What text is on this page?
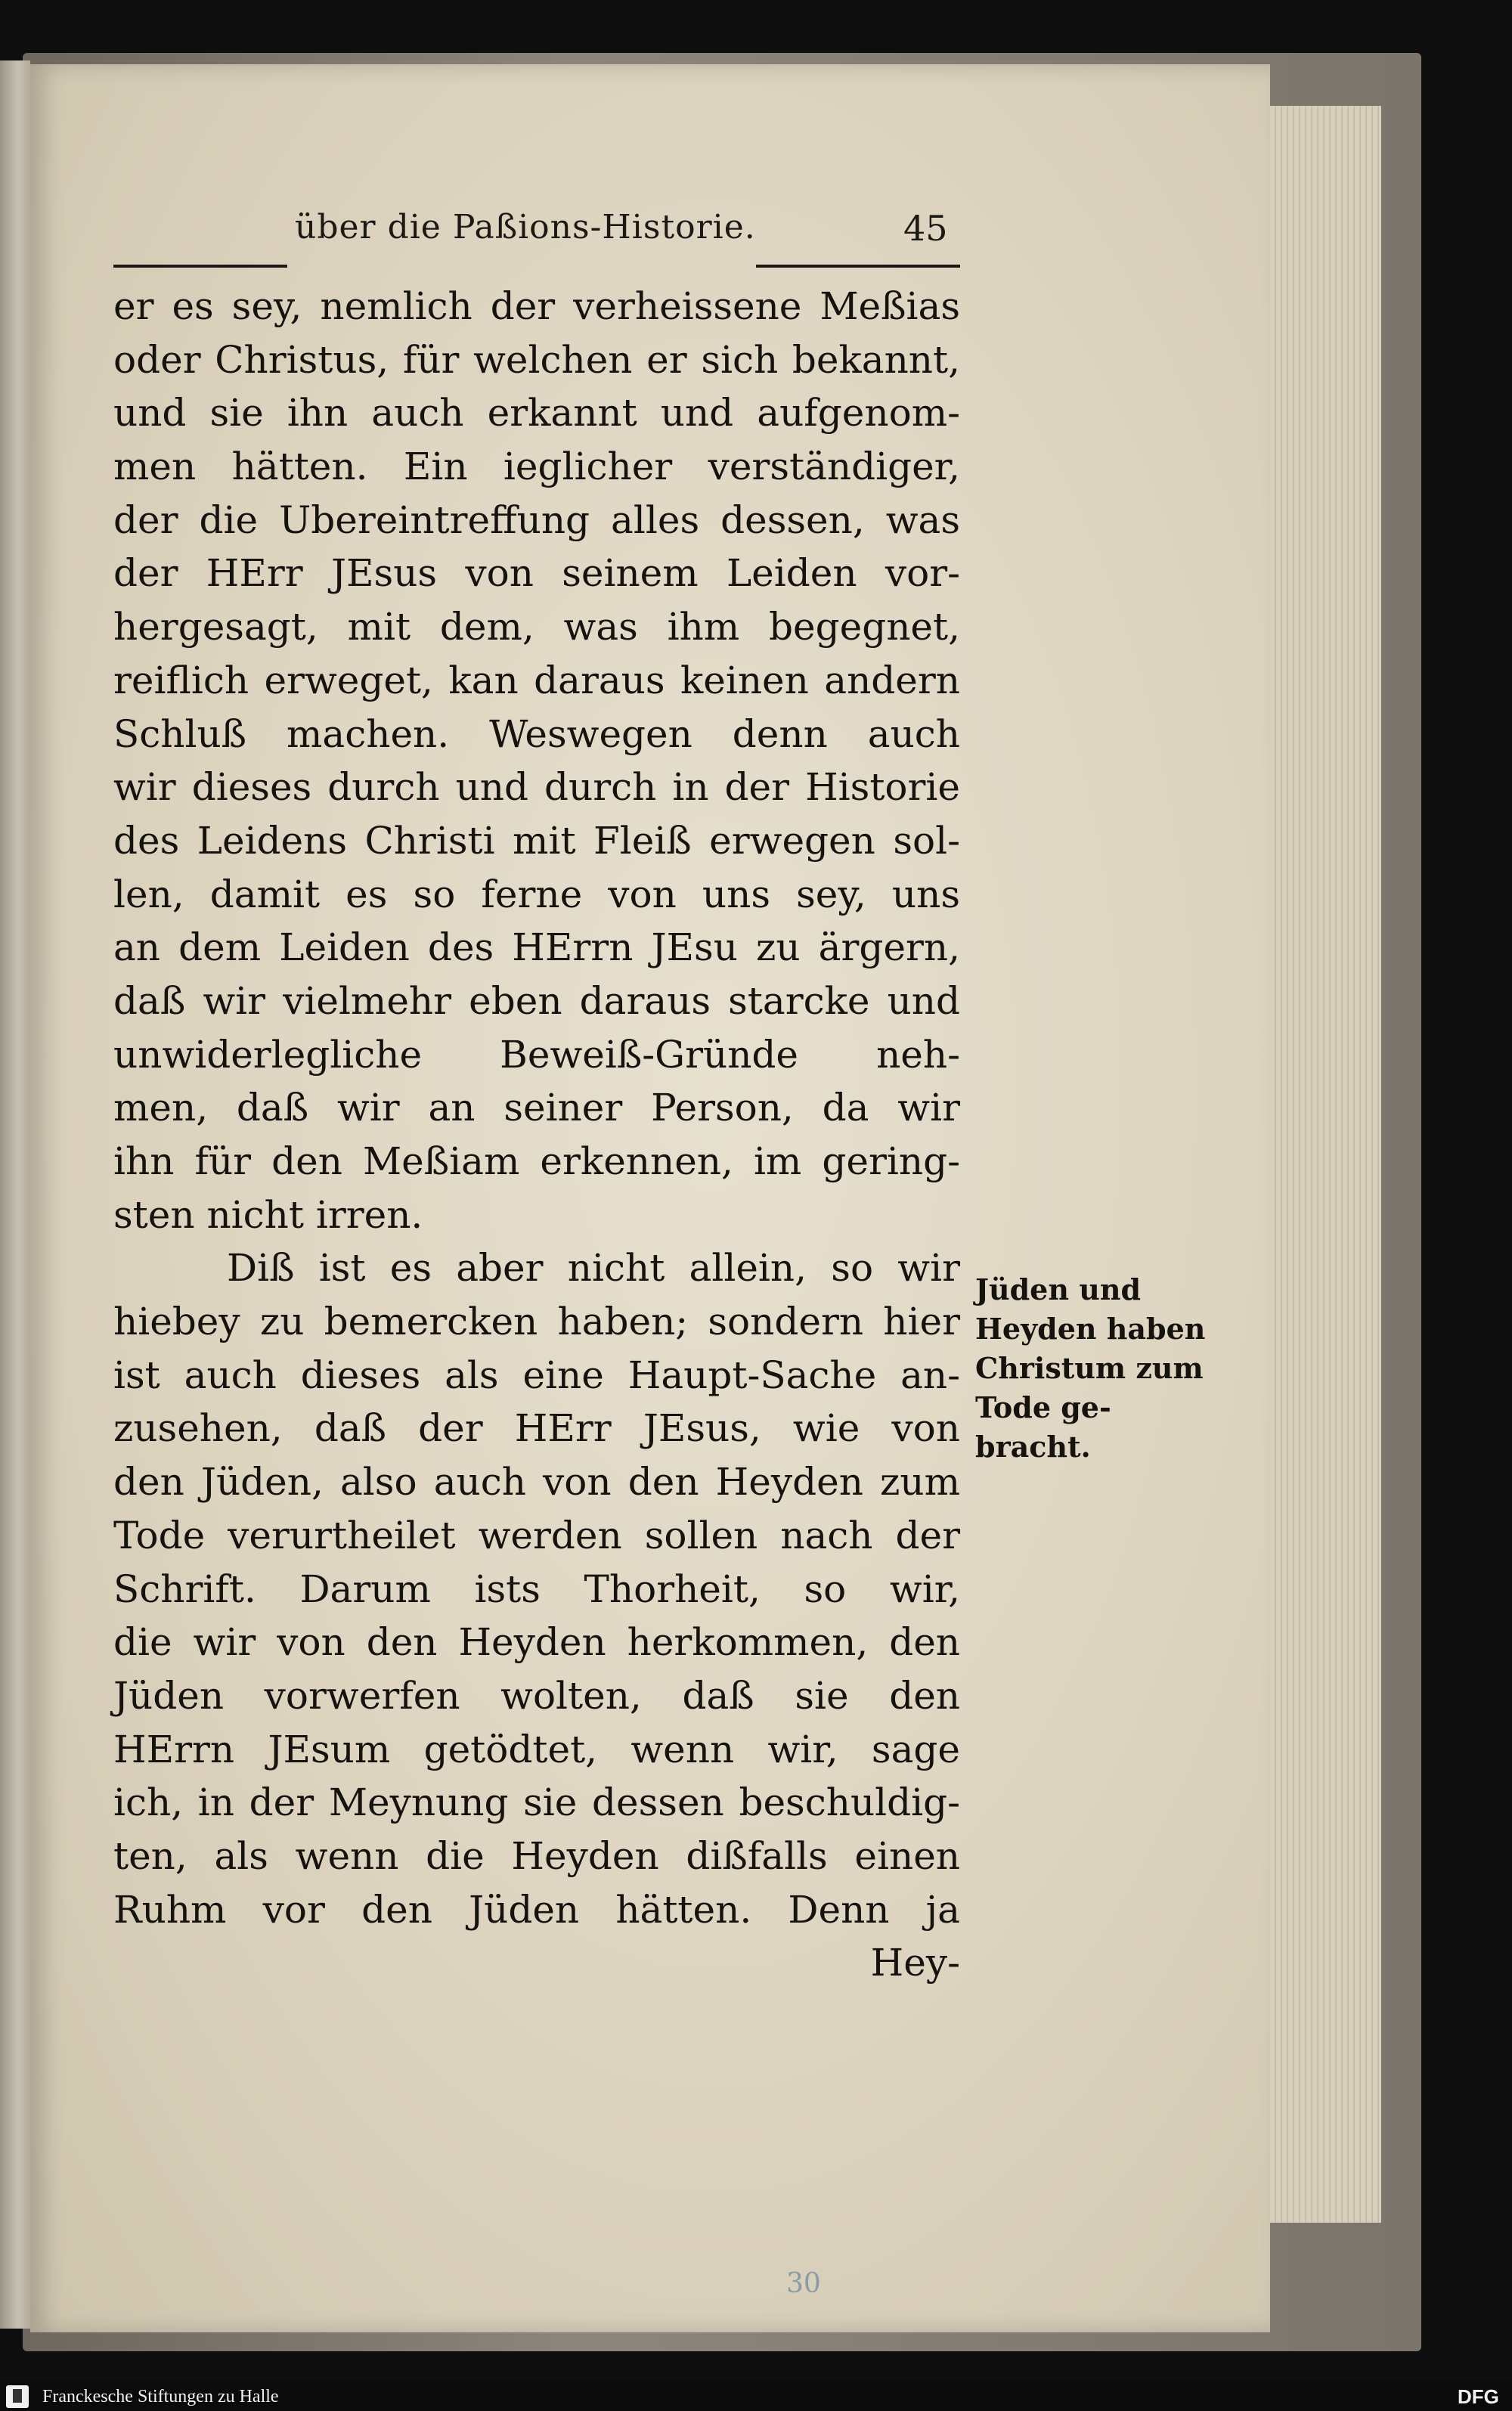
über die Paßions-Historie.	45
er es sey, nemlich der verheissene Meßias
oder Christus, für welchen er sich bekannt,
und sie ihn auch erkannt und aufgenom-
men hätten. Ein ieglicher verständiger,
der die Ubereintreffung alles dessen, was
der HErr JEsus von seinem Leiden vor-
hergesagt, mit dem, was ihm begegnet,
reiflich erweget, kan daraus keinen andern
Schluß machen. Weswegen denn auch
wir dieses durch und durch in der Historie
des Leidens Christi mit Fleiß erwegen sol-
len, damit es so ferne von uns sey, uns
an dem Leiden des HErrn JEsu zu ärgern,
daß wir vielmehr eben daraus starcke und
unwiderlegliche Beweiß-Gründe neh-
men, daß wir an seiner Person, da wir
ihn für den Meßiam erkennen, im gering-
sten nicht irren.
Diß ist es aber nicht allein, so wir
hiebey zu bemercken haben; sondern hier
ist auch dieses als eine Haupt-Sache an-
zusehen, daß der HErr JEsus, wie von
den Jüden, also auch von den Heyden zum
Tode verurtheilet werden sollen nach der
Schrift. Darum ists Thorheit, so wir,
die wir von den Heyden herkommen, den
Jüden vorwerfen wolten, daß sie den
HErrn JEsum getödtet, wenn wir, sage
ich, in der Meynung sie dessen beschuldig-
ten, als wenn die Heyden dißfalls einen
Ruhm vor den Jüden hätten. Denn ja
Hey-
Jüden und
Heyden haben
Christum zum
Tode ge-
bracht.
30
Franckesche Stiftungen zu Halle	DFG
